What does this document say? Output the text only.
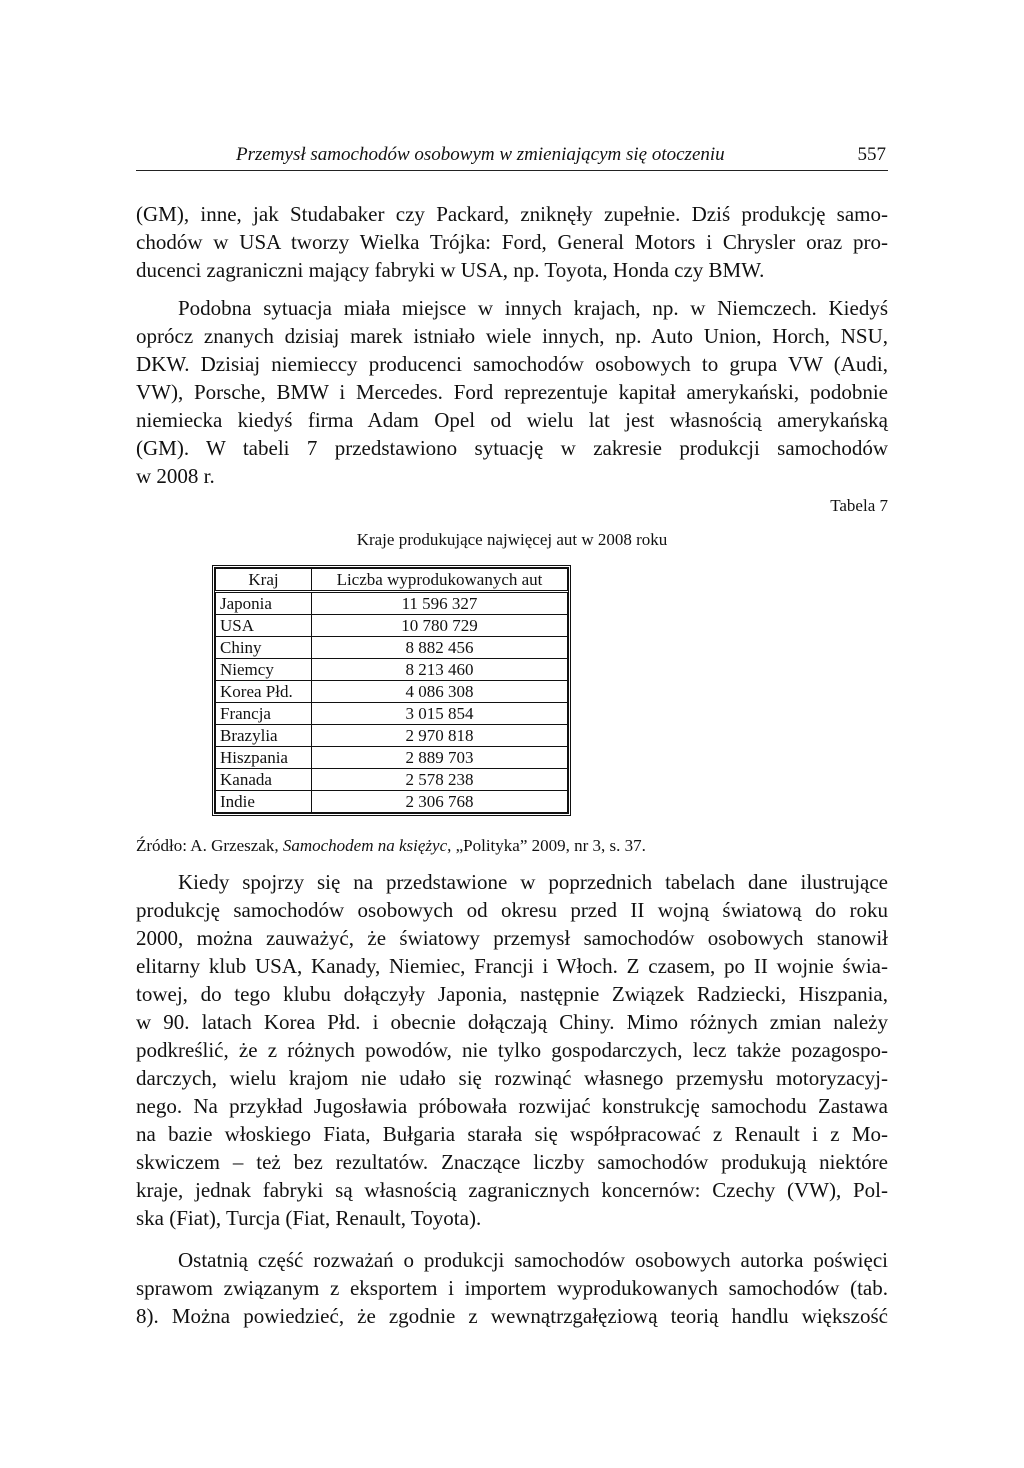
Przemysł samochodów osobowym w zmieniającym się otoczeniu	557

(GM), inne, jak Studabaker czy Packard, zniknęły zupełnie. Dziś produkcję samo-
chodów w USA tworzy Wielka Trójka: Ford, General Motors i Chrysler oraz pro-
ducenci zagraniczni mający fabryki w USA, np. Toyota, Honda czy BMW.

Podobna sytuacja miała miejsce w innych krajach, np. w Niemczech. Kiedyś
oprócz znanych dzisiaj marek istniało wiele innych, np. Auto Union, Horch, NSU,
DKW. Dzisiaj niemieccy producenci samochodów osobowych to grupa VW (Audi,
VW), Porsche, BMW i Mercedes. Ford reprezentuje kapitał amerykański, podobnie
niemiecka kiedyś firma Adam Opel od wielu lat jest własnością amerykańską
(GM). W tabeli 7 przedstawiono sytuację w zakresie produkcji samochodów
w 2008 r.

Tabela 7
Kraje produkujące najwięcej aut w 2008 roku
Kraj	Liczba wyprodukowanych aut
Japonia	11 596 327
USA	10 780 729
Chiny	8 882 456
Niemcy	8 213 460
Korea Płd.	4 086 308
Francja	3 015 854
Brazylia	2 970 818
Hiszpania	2 889 703
Kanada	2 578 238
Indie	2 306 768
Źródło: A. Grzeszak, Samochodem na księżyc, „Polityka” 2009, nr 3, s. 37.

Kiedy spojrzy się na przedstawione w poprzednich tabelach dane ilustrujące
produkcję samochodów osobowych od okresu przed II wojną światową do roku
2000, można zauważyć, że światowy przemysł samochodów osobowych stanowił
elitarny klub USA, Kanady, Niemiec, Francji i Włoch. Z czasem, po II wojnie świa-
towej, do tego klubu dołączyły Japonia, następnie Związek Radziecki, Hiszpania,
w 90. latach Korea Płd. i obecnie dołączają Chiny. Mimo różnych zmian należy
podkreślić, że z różnych powodów, nie tylko gospodarczych, lecz także pozagospo-
darczych, wielu krajom nie udało się rozwinąć własnego przemysłu motoryzacyj-
nego. Na przykład Jugosławia próbowała rozwijać konstrukcję samochodu Zastawa
na bazie włoskiego Fiata, Bułgaria starała się współpracować z Renault i z Mo-
skwiczem – też bez rezultatów. Znaczące liczby samochodów produkują niektóre
kraje, jednak fabryki są własnością zagranicznych koncernów: Czechy (VW), Pol-
ska (Fiat), Turcja (Fiat, Renault, Toyota).

Ostatnią część rozważań o produkcji samochodów osobowych autorka poświęci
sprawom związanym z eksportem i importem wyprodukowanych samochodów (tab.
8). Można powiedzieć, że zgodnie z wewnątrzgałęziową teorią handlu większość
